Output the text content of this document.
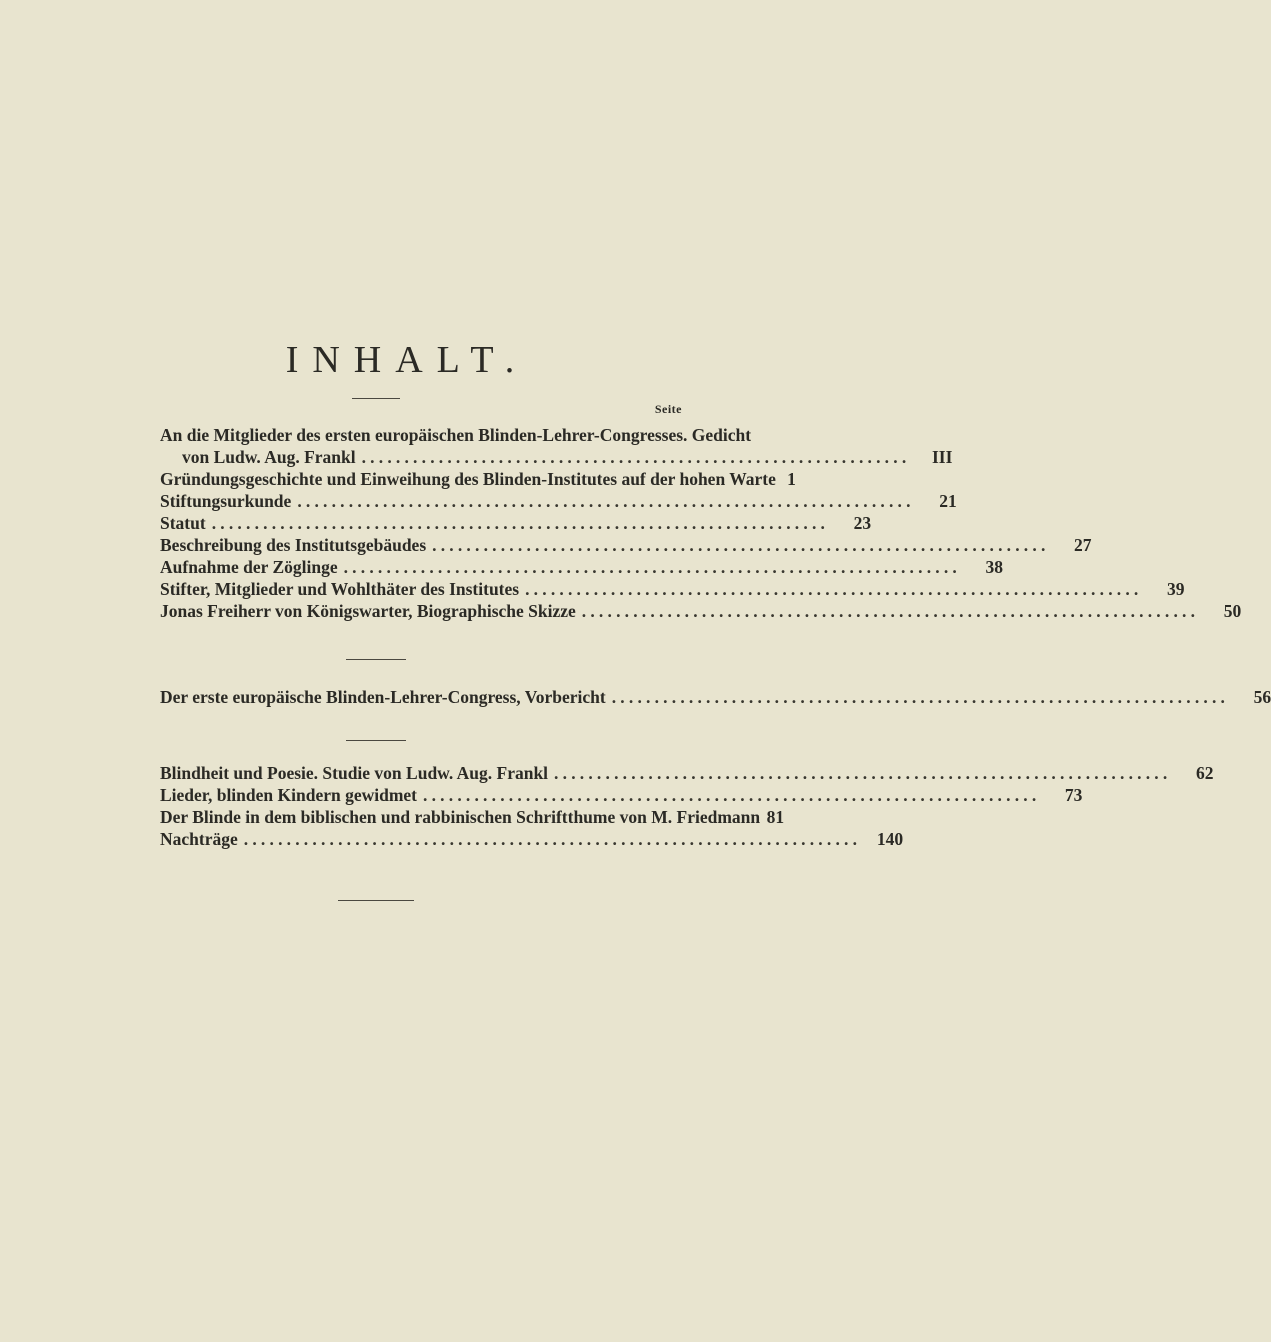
INHALT.
Seite
An die Mitglieder des ersten europäischen Blinden-Lehrer-Congresses. Gedicht
von Ludw. Aug. Frankl ................................................................	III
Gründungsgeschichte und Einweihung des Blinden-Institutes auf der hohen Warte 1
Stiftungsurkunde ........................................................................	21
Statut ........................................................................	23
Beschreibung des Institutsgebäudes ........................................................................	27
Aufnahme der Zöglinge ........................................................................	38
Stifter, Mitglieder und Wohlthäter des Institutes ........................................................................	39
Jonas Freiherr von Königswarter, Biographische Skizze ........................................................................	50
Der erste europäische Blinden-Lehrer-Congress, Vorbericht ........................................................................	56
Blindheit und Poesie. Studie von Ludw. Aug. Frankl ........................................................................	62
Lieder, blinden Kindern gewidmet ........................................................................	73
Der Blinde in dem biblischen und rabbinischen Schriftthume von M. Friedmann 81
Nachträge ........................................................................ 140
